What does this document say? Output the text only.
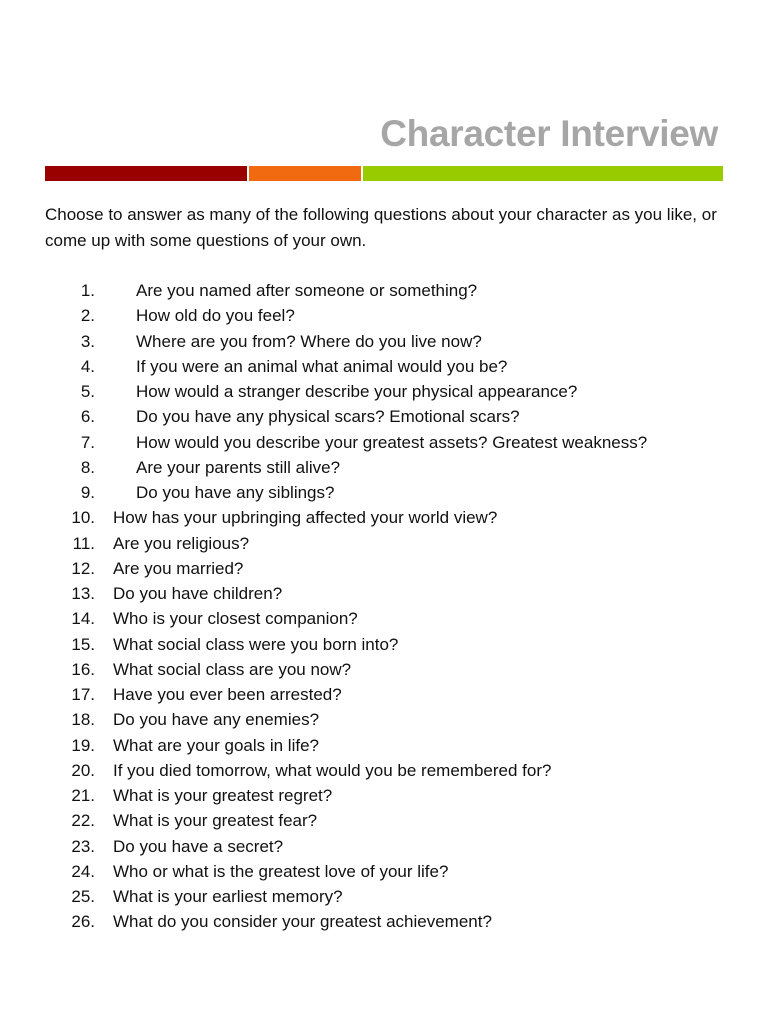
Character Interview

Choose to answer as many of the following questions about your character as you like, or come up with some questions of your own.

1. Are you named after someone or something?
2. How old do you feel?
3. Where are you from? Where do you live now?
4. If you were an animal what animal would you be?
5. How would a stranger describe your physical appearance?
6. Do you have any physical scars? Emotional scars?
7. How would you describe your greatest assets? Greatest weakness?
8. Are your parents still alive?
9. Do you have any siblings?
10. How has your upbringing affected your world view?
11. Are you religious?
12. Are you married?
13. Do you have children?
14. Who is your closest companion?
15. What social class were you born into?
16. What social class are you now?
17. Have you ever been arrested?
18. Do you have any enemies?
19. What are your goals in life?
20. If you died tomorrow, what would you be remembered for?
21. What is your greatest regret?
22. What is your greatest fear?
23. Do you have a secret?
24. Who or what is the greatest love of your life?
25. What is your earliest memory?
26. What do you consider your greatest achievement?
